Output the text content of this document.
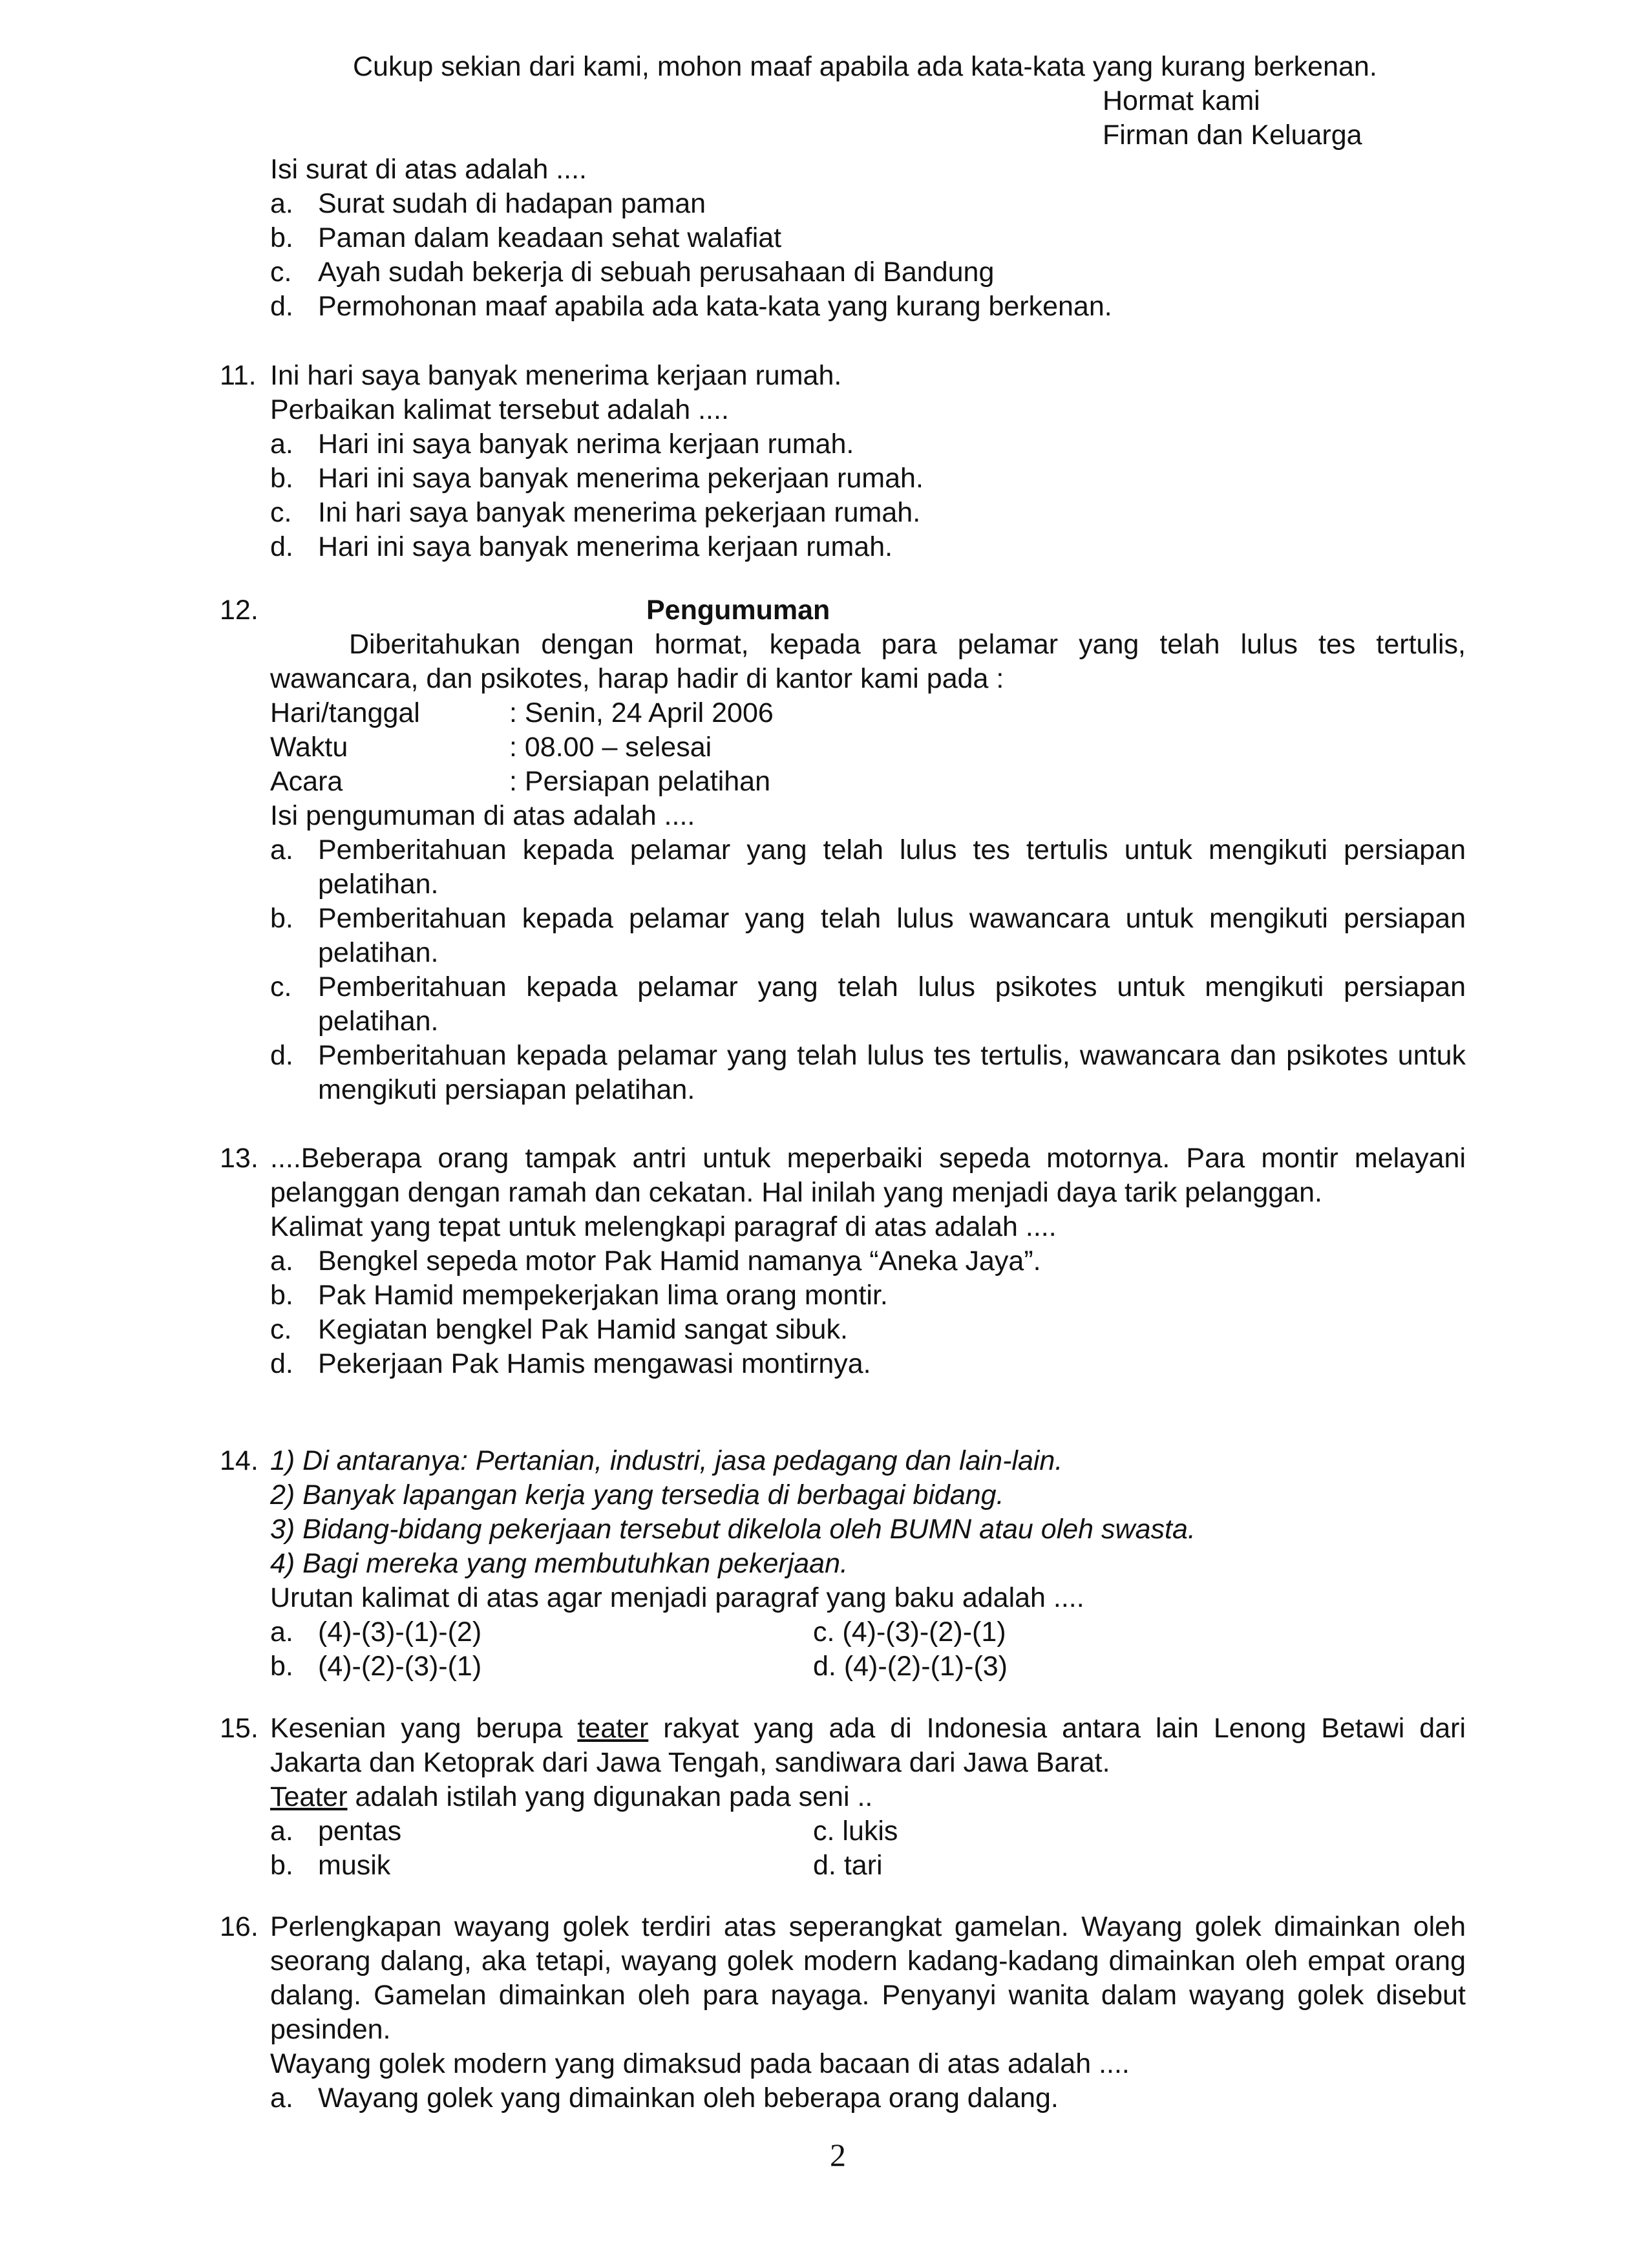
Cukup sekian dari kami, mohon maaf apabila ada kata-kata yang kurang berkenan.
Hormat kami
Firman dan Keluarga
Isi surat di atas adalah ....
a. Surat sudah di hadapan paman
b. Paman dalam keadaan sehat walafiat
c. Ayah sudah bekerja di sebuah perusahaan di Bandung
d. Permohonan maaf apabila ada kata-kata yang kurang berkenan.
11. Ini hari saya banyak menerima kerjaan rumah.
Perbaikan kalimat tersebut adalah ....
a. Hari ini saya banyak nerima kerjaan rumah.
b. Hari ini saya banyak menerima pekerjaan rumah.
c. Ini hari saya banyak menerima pekerjaan rumah.
d. Hari ini saya banyak menerima kerjaan rumah.
12.	Pengumuman
Diberitahukan dengan hormat, kepada para pelamar yang telah lulus tes tertulis, wawancara, dan psikotes, harap hadir di kantor kami pada :
Hari/tanggal	: Senin, 24 April 2006
Waktu	: 08.00 – selesai
Acara	: Persiapan pelatihan
Isi pengumuman di atas adalah ....
a. Pemberitahuan kepada pelamar yang telah lulus tes tertulis untuk mengikuti persiapan pelatihan.
b. Pemberitahuan kepada pelamar yang telah lulus wawancara untuk mengikuti persiapan pelatihan.
c. Pemberitahuan kepada pelamar yang telah lulus psikotes untuk mengikuti persiapan pelatihan.
d. Pemberitahuan kepada pelamar yang telah lulus tes tertulis, wawancara dan psikotes untuk mengikuti persiapan pelatihan.
13. ....Beberapa orang tampak antri untuk meperbaiki sepeda motornya. Para montir melayani pelanggan dengan ramah dan cekatan. Hal inilah yang menjadi daya tarik pelanggan.
Kalimat yang tepat untuk melengkapi paragraf di atas adalah ....
a. Bengkel sepeda motor Pak Hamid namanya “Aneka Jaya”.
b. Pak Hamid mempekerjakan lima orang montir.
c. Kegiatan bengkel Pak Hamid sangat sibuk.
d. Pekerjaan Pak Hamis mengawasi montirnya.
14. 1) Di antaranya: Pertanian, industri, jasa pedagang dan lain-lain.
2) Banyak lapangan kerja yang tersedia di berbagai bidang.
3) Bidang-bidang pekerjaan tersebut dikelola oleh BUMN atau oleh swasta.
4) Bagi mereka yang membutuhkan pekerjaan.
Urutan kalimat di atas agar menjadi paragraf yang baku adalah ....
a. (4)-(3)-(1)-(2)	c. (4)-(3)-(2)-(1)
b. (4)-(2)-(3)-(1)	d. (4)-(2)-(1)-(3)
15. Kesenian yang berupa teater rakyat yang ada di Indonesia antara lain Lenong Betawi dari Jakarta dan Ketoprak dari Jawa Tengah, sandiwara dari Jawa Barat.
Teater adalah istilah yang digunakan pada seni ..
a. pentas	c. lukis
b. musik	d. tari
16. Perlengkapan wayang golek terdiri atas seperangkat gamelan. Wayang golek dimainkan oleh seorang dalang, aka tetapi, wayang golek modern kadang-kadang dimainkan oleh empat orang dalang. Gamelan dimainkan oleh para nayaga. Penyanyi wanita dalam wayang golek disebut pesinden.
Wayang golek modern yang dimaksud pada bacaan di atas adalah ....
a. Wayang golek yang dimainkan oleh beberapa orang dalang.
2
